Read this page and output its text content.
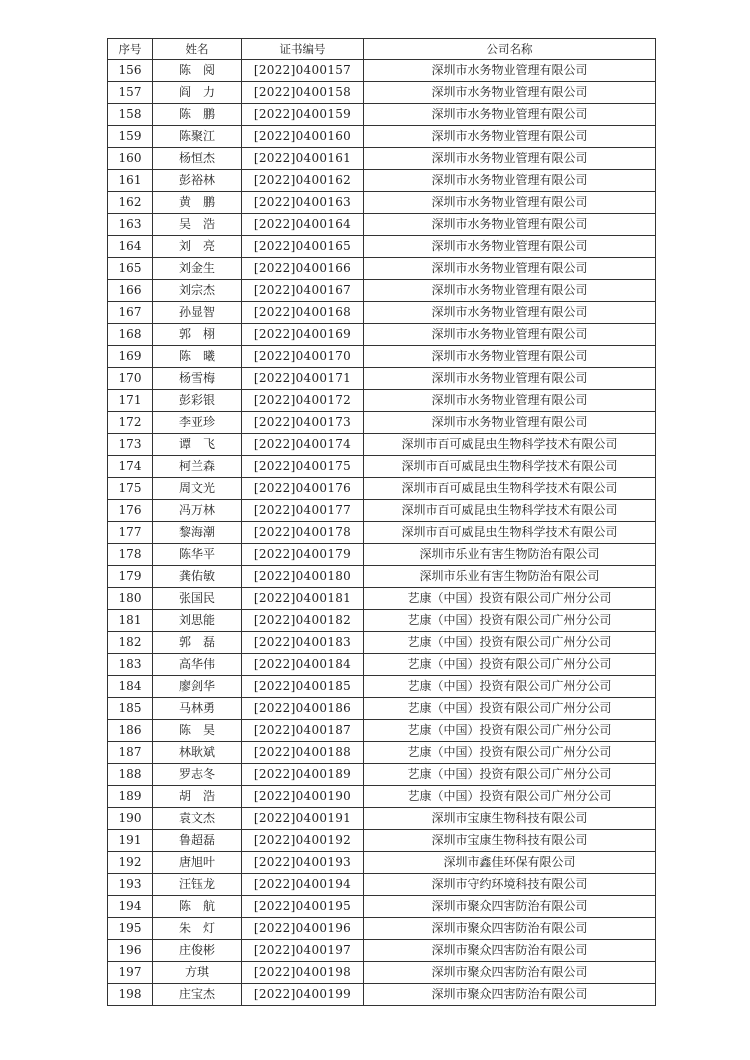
序号	姓名	证书编号	公司名称
156	陈　阅	[2022]0400157	深圳市水务物业管理有限公司
157	阎　力	[2022]0400158	深圳市水务物业管理有限公司
158	陈　鹏	[2022]0400159	深圳市水务物业管理有限公司
159	陈聚江	[2022]0400160	深圳市水务物业管理有限公司
160	杨恒杰	[2022]0400161	深圳市水务物业管理有限公司
161	彭裕林	[2022]0400162	深圳市水务物业管理有限公司
162	黄　鹏	[2022]0400163	深圳市水务物业管理有限公司
163	吴　浩	[2022]0400164	深圳市水务物业管理有限公司
164	刘　亮	[2022]0400165	深圳市水务物业管理有限公司
165	刘金生	[2022]0400166	深圳市水务物业管理有限公司
166	刘宗杰	[2022]0400167	深圳市水务物业管理有限公司
167	孙显智	[2022]0400168	深圳市水务物业管理有限公司
168	郭　栩	[2022]0400169	深圳市水务物业管理有限公司
169	陈　曦	[2022]0400170	深圳市水务物业管理有限公司
170	杨雪梅	[2022]0400171	深圳市水务物业管理有限公司
171	彭彩银	[2022]0400172	深圳市水务物业管理有限公司
172	李亚珍	[2022]0400173	深圳市水务物业管理有限公司
173	谭　飞	[2022]0400174	深圳市百可威昆虫生物科学技术有限公司
174	柯兰森	[2022]0400175	深圳市百可威昆虫生物科学技术有限公司
175	周文光	[2022]0400176	深圳市百可威昆虫生物科学技术有限公司
176	冯万林	[2022]0400177	深圳市百可威昆虫生物科学技术有限公司
177	黎海潮	[2022]0400178	深圳市百可威昆虫生物科学技术有限公司
178	陈华平	[2022]0400179	深圳市乐业有害生物防治有限公司
179	龚佑敏	[2022]0400180	深圳市乐业有害生物防治有限公司
180	张国民	[2022]0400181	艺康（中国）投资有限公司广州分公司
181	刘思能	[2022]0400182	艺康（中国）投资有限公司广州分公司
182	郭　磊	[2022]0400183	艺康（中国）投资有限公司广州分公司
183	高华伟	[2022]0400184	艺康（中国）投资有限公司广州分公司
184	廖剑华	[2022]0400185	艺康（中国）投资有限公司广州分公司
185	马林勇	[2022]0400186	艺康（中国）投资有限公司广州分公司
186	陈　昊	[2022]0400187	艺康（中国）投资有限公司广州分公司
187	林耿斌	[2022]0400188	艺康（中国）投资有限公司广州分公司
188	罗志冬	[2022]0400189	艺康（中国）投资有限公司广州分公司
189	胡　浩	[2022]0400190	艺康（中国）投资有限公司广州分公司
190	袁文杰	[2022]0400191	深圳市宝康生物科技有限公司
191	鲁超磊	[2022]0400192	深圳市宝康生物科技有限公司
192	唐旭叶	[2022]0400193	深圳市鑫佳环保有限公司
193	汪钰龙	[2022]0400194	深圳市守约环境科技有限公司
194	陈　航	[2022]0400195	深圳市聚众四害防治有限公司
195	朱　灯	[2022]0400196	深圳市聚众四害防治有限公司
196	庄俊彬	[2022]0400197	深圳市聚众四害防治有限公司
197	方琪	[2022]0400198	深圳市聚众四害防治有限公司
198	庄宝杰	[2022]0400199	深圳市聚众四害防治有限公司
